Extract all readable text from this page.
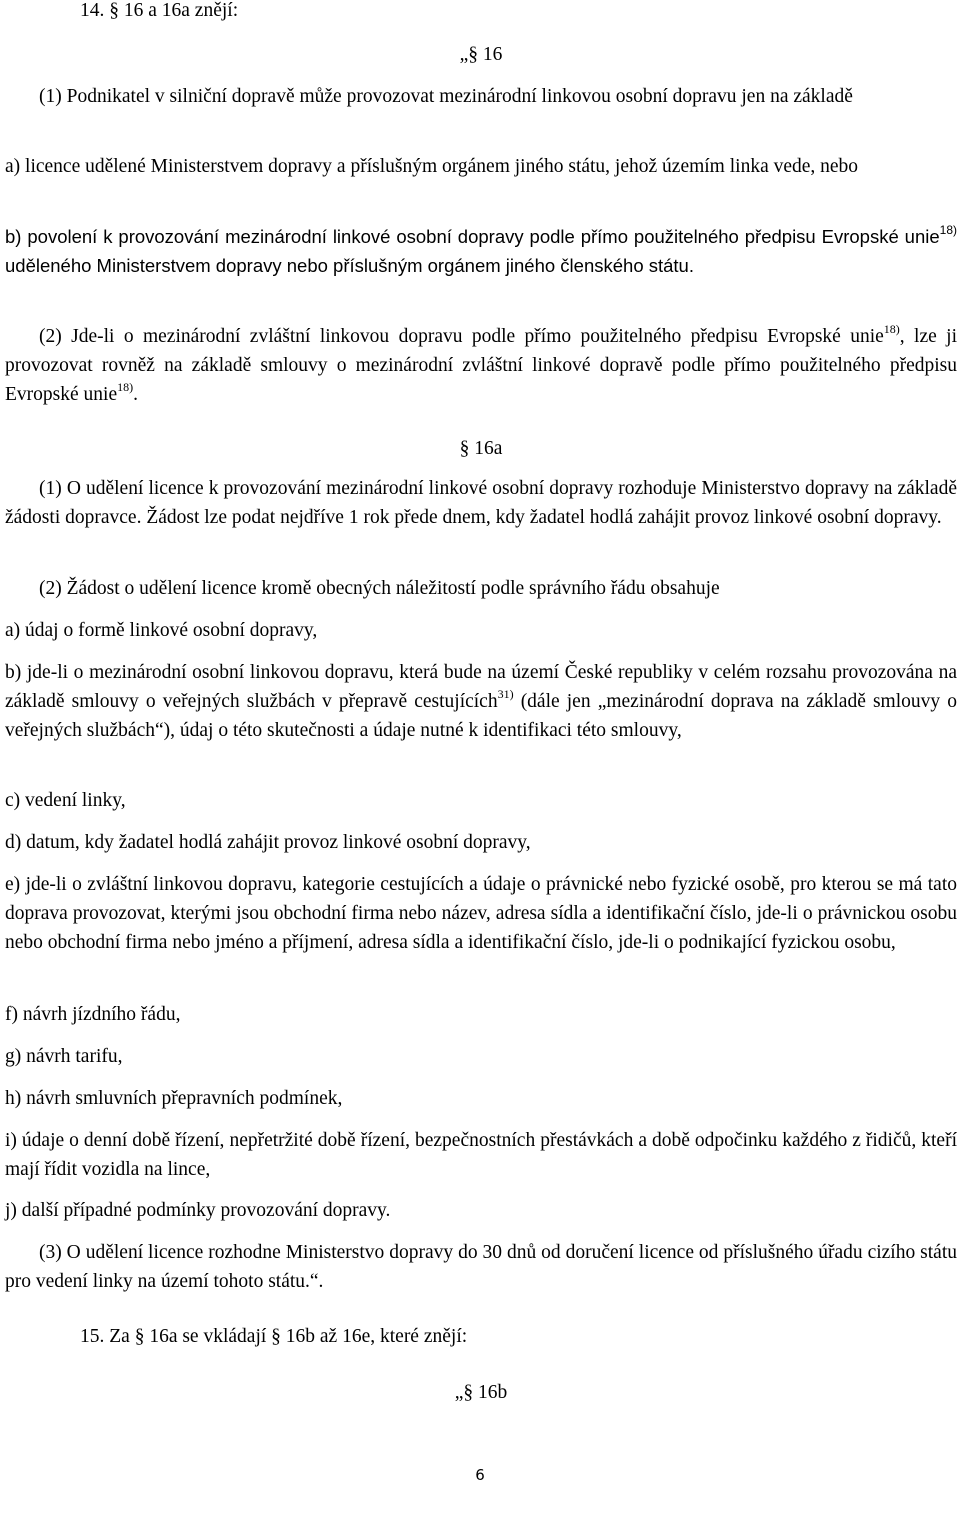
14. § 16 a 16a znějí:

„§ 16

(1) Podnikatel v silniční dopravě může provozovat mezinárodní linkovou osobní dopravu jen na základě

a) licence udělené Ministerstvem dopravy a příslušným orgánem jiného státu, jehož územím linka vede, nebo

b) povolení k provozování mezinárodní linkové osobní dopravy podle přímo použitelného předpisu Evropské unie$^{18)}$ uděleného Ministerstvem dopravy nebo příslušným orgánem jiného členského státu.

(2) Jde-li o mezinárodní zvláštní linkovou dopravu podle přímo použitelného předpisu Evropské unie$^{18)}$, lze ji provozovat rovněž na základě smlouvy o mezinárodní zvláštní linkové dopravě podle přímo použitelného předpisu Evropské unie$^{18)}$.

§ 16a

(1) O udělení licence k provozování mezinárodní linkové osobní dopravy rozhoduje Ministerstvo dopravy na základě žádosti dopravce. Žádost lze podat nejdříve 1 rok přede dnem, kdy žadatel hodlá zahájit provoz linkové osobní dopravy.

(2) Žádost o udělení licence kromě obecných náležitostí podle správního řádu obsahuje

a) údaj o formě linkové osobní dopravy,

b) jde-li o mezinárodní osobní linkovou dopravu, která bude na území České republiky v celém rozsahu provozována na základě smlouvy o veřejných službách v přepravě cestujících$^{31)}$ (dále jen „mezinárodní doprava na základě smlouvy o veřejných službách“), údaj o této skutečnosti a údaje nutné k identifikaci této smlouvy,

c) vedení linky,

d) datum, kdy žadatel hodlá zahájit provoz linkové osobní dopravy,

e) jde-li o zvláštní linkovou dopravu, kategorie cestujících a údaje o právnické nebo fyzické osobě, pro kterou se má tato doprava provozovat, kterými jsou obchodní firma nebo název, adresa sídla a identifikační číslo, jde-li o právnickou osobu nebo obchodní firma nebo jméno a příjmení, adresa sídla a identifikační číslo, jde-li o podnikající fyzickou osobu,

f) návrh jízdního řádu,

g) návrh tarifu,

h) návrh smluvních přepravních podmínek,

i) údaje o denní době řízení, nepřetržité době řízení, bezpečnostních přestávkách a době odpočinku každého z řidičů, kteří mají řídit vozidla na lince,

j) další případné podmínky provozování dopravy.

(3) O udělení licence rozhodne Ministerstvo dopravy do 30 dnů od doručení licence od příslušného úřadu cizího státu pro vedení linky na území tohoto státu.“.

15. Za § 16a se vkládají § 16b až 16e, které znějí:

„§ 16b

6
